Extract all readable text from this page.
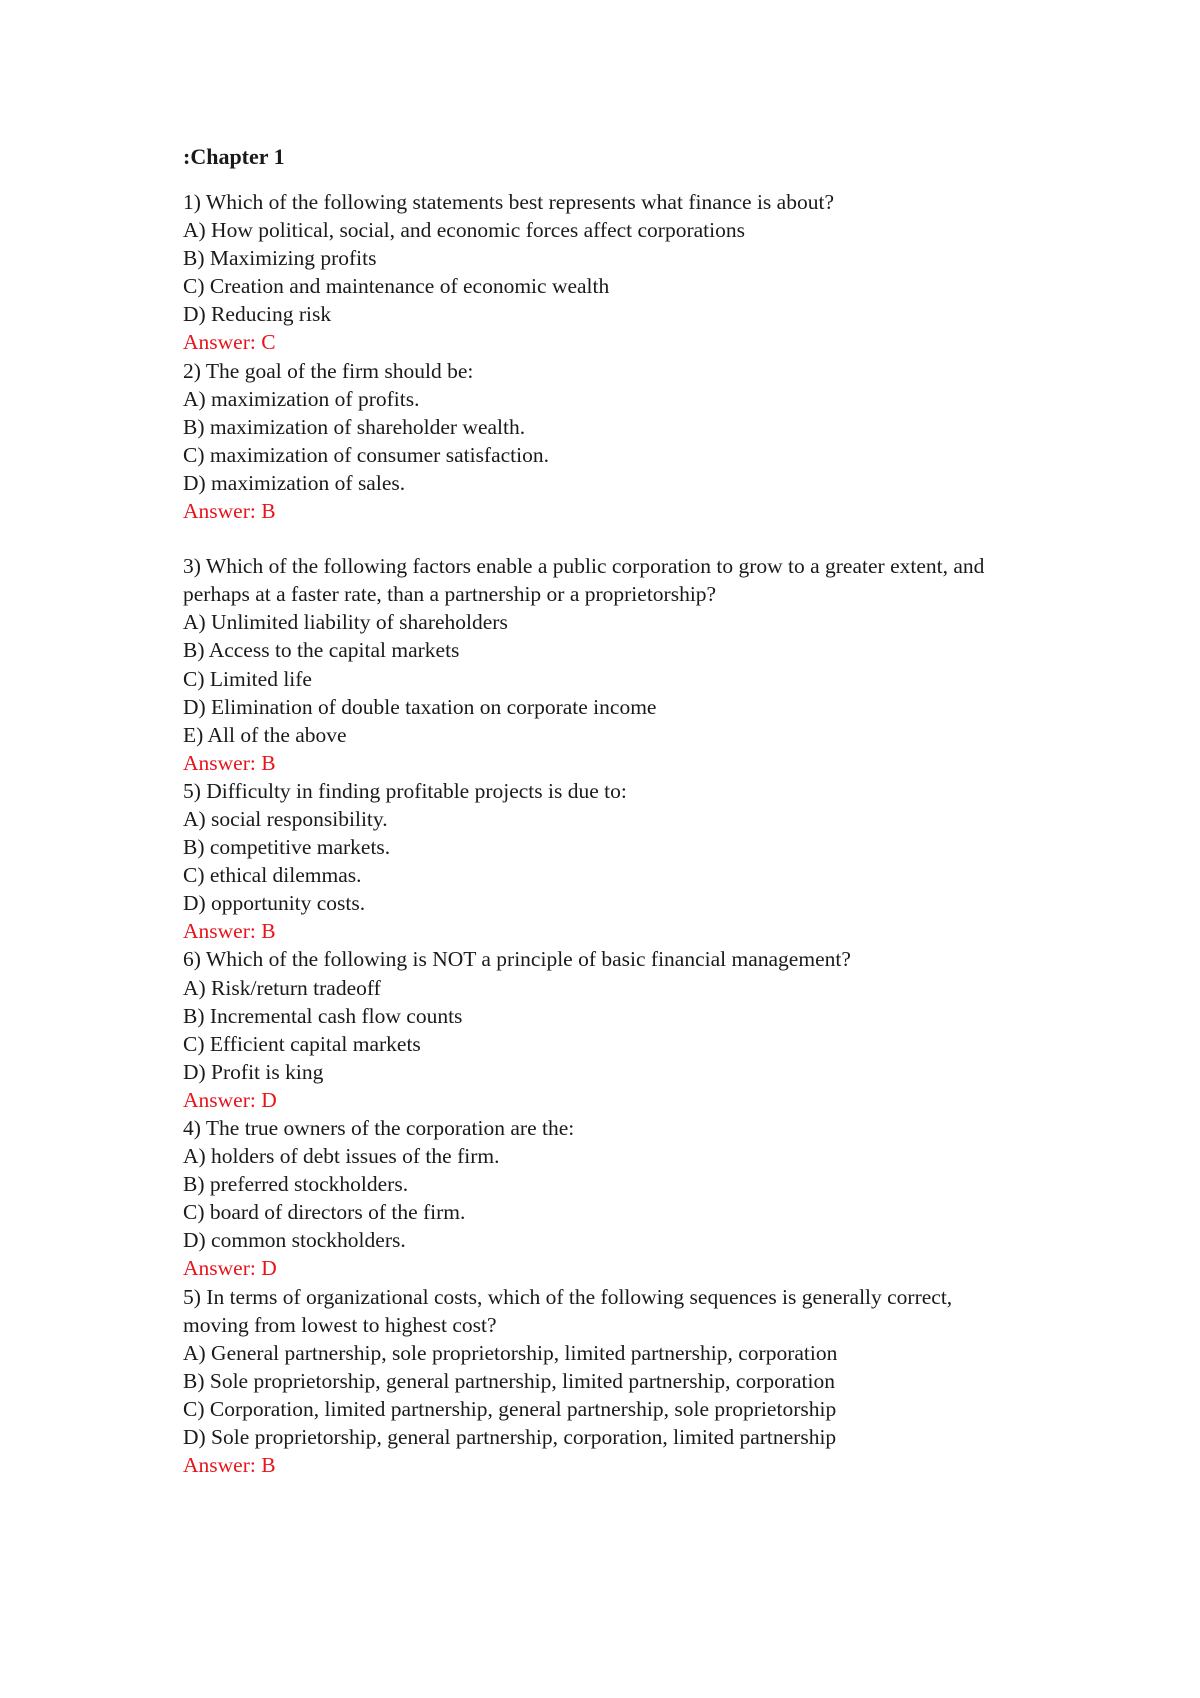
:Chapter 1
1) Which of the following statements best represents what finance is about?
A) How political, social, and economic forces affect corporations
B) Maximizing profits
C) Creation and maintenance of economic wealth
D) Reducing risk
Answer: C
2) The goal of the firm should be:
A) maximization of profits.
B) maximization of shareholder wealth.
C) maximization of consumer satisfaction.
D) maximization of sales.
Answer: B
3) Which of the following factors enable a public corporation to grow to a greater extent, and perhaps at a faster rate, than a partnership or a proprietorship?
A) Unlimited liability of shareholders
B) Access to the capital markets
C) Limited life
D) Elimination of double taxation on corporate income
E) All of the above
Answer: B
5) Difficulty in finding profitable projects is due to:
A) social responsibility.
B) competitive markets.
C) ethical dilemmas.
D) opportunity costs.
Answer: B
6) Which of the following is NOT a principle of basic financial management?
A) Risk/return tradeoff
B) Incremental cash flow counts
C) Efficient capital markets
D) Profit is king
Answer: D
4) The true owners of the corporation are the:
A) holders of debt issues of the firm.
B) preferred stockholders.
C) board of directors of the firm.
D) common stockholders.
Answer: D
5) In terms of organizational costs, which of the following sequences is generally correct, moving from lowest to highest cost?
A) General partnership, sole proprietorship, limited partnership, corporation
B) Sole proprietorship, general partnership, limited partnership, corporation
C) Corporation, limited partnership, general partnership, sole proprietorship
D) Sole proprietorship, general partnership, corporation, limited partnership
Answer: B
